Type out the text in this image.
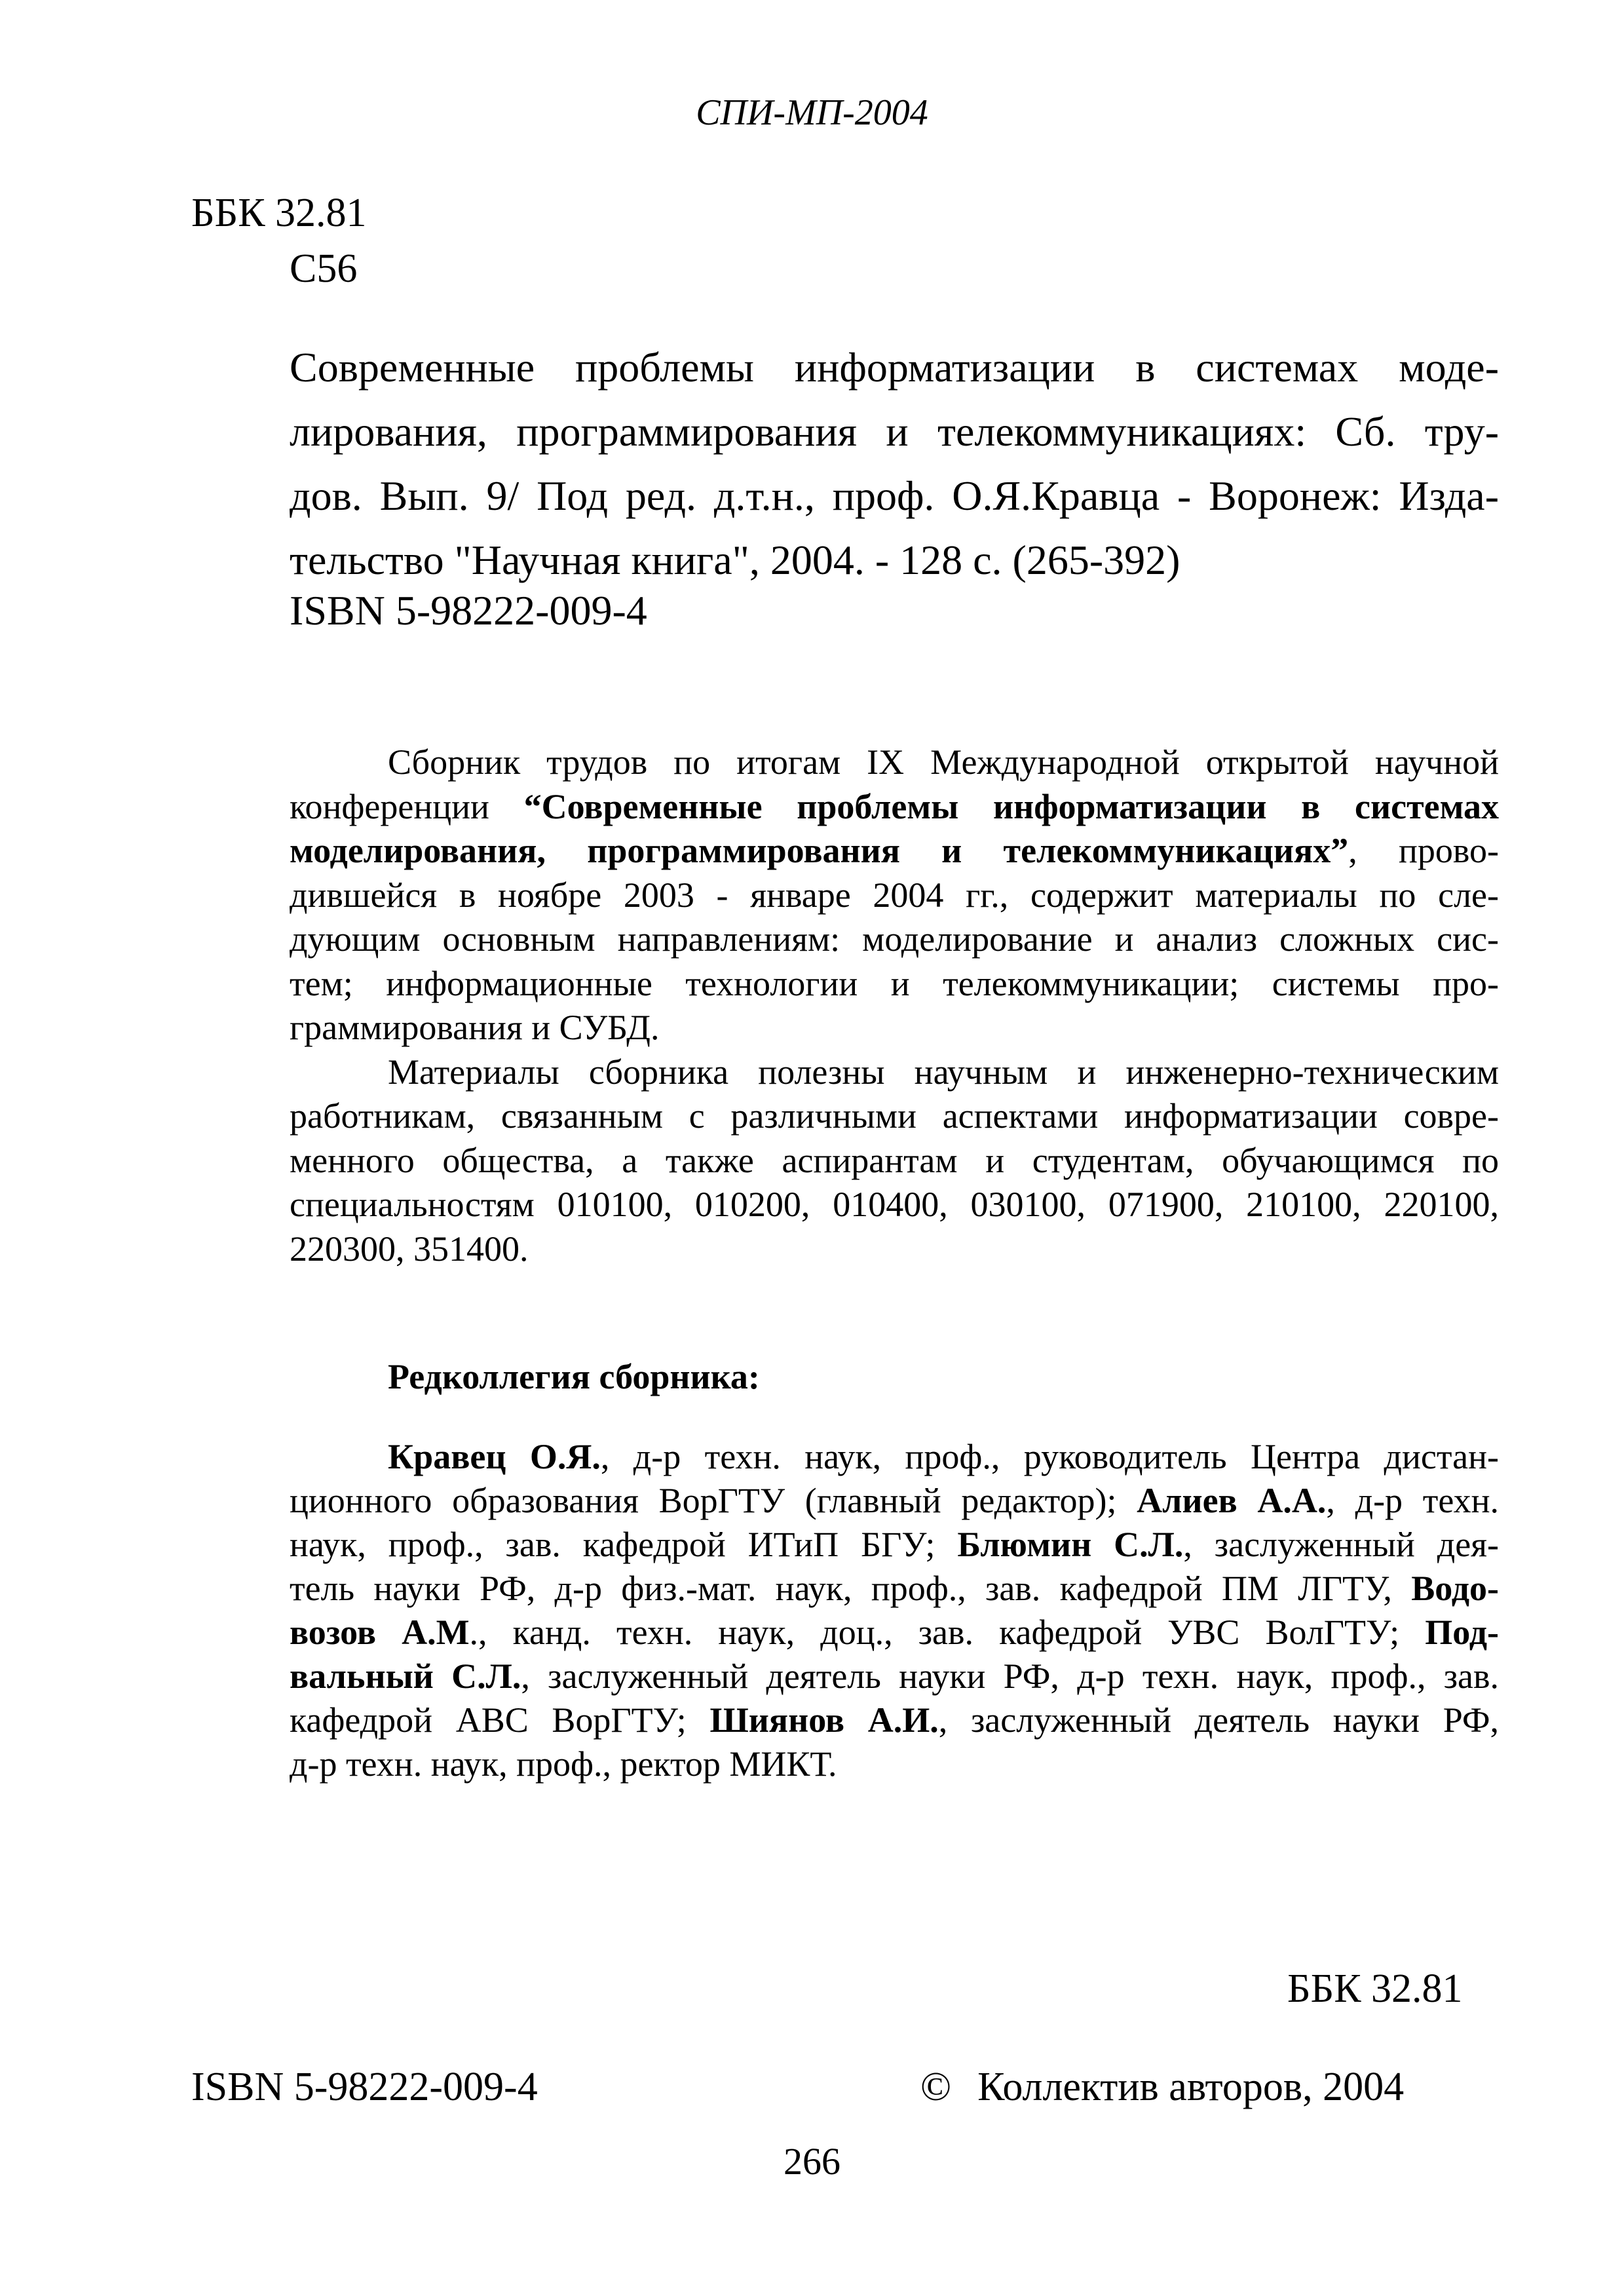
СПИ-МП-2004
ББК 32.81
С56
Современные проблемы информатизации в системах моде-
лирования, программирования и телекоммуникациях: Сб. тру-
дов. Вып. 9/ Под ред. д.т.н., проф. О.Я.Кравца - Воронеж: Изда-
тельство "Научная книга", 2004. - 128 с. (265-392)
ISBN 5-98222-009-4
Сборник трудов по итогам IX Международной открытой научной
конференции “Современные проблемы информатизации в системах
моделирования, программирования и телекоммуникациях”, прово-
дившейся в ноябре 2003 - январе 2004 гг., содержит материалы по сле-
дующим основным направлениям: моделирование и анализ сложных сис-
тем; информационные технологии и телекоммуникации; системы про-
граммирования и СУБД.
Материалы сборника полезны научным и инженерно-техническим
работникам, связанным с различными аспектами информатизации совре-
менного общества, а также аспирантам и студентам, обучающимся по
специальностям 010100, 010200, 010400, 030100, 071900, 210100, 220100,
220300, 351400.
Редколлегия сборника:
Кравец О.Я., д-р техн. наук, проф., руководитель Центра дистан-
ционного образования ВорГТУ (главный редактор); Алиев А.А., д-р техн.
наук, проф., зав. кафедрой ИТиП БГУ; Блюмин С.Л., заслуженный дея-
тель науки РФ, д-р физ.-мат. наук, проф., зав. кафедрой ПМ ЛГТУ, Водо-
возов А.М., канд. техн. наук, доц., зав. кафедрой УВС ВолГТУ; Под-
вальный С.Л., заслуженный деятель науки РФ, д-р техн. наук, проф., зав.
кафедрой АВС ВорГТУ; Шиянов А.И., заслуженный деятель науки РФ,
д-р техн. наук, проф., ректор МИКТ.
ББК 32.81
ISBN 5-98222-009-4	© Коллектив авторов, 2004
266
